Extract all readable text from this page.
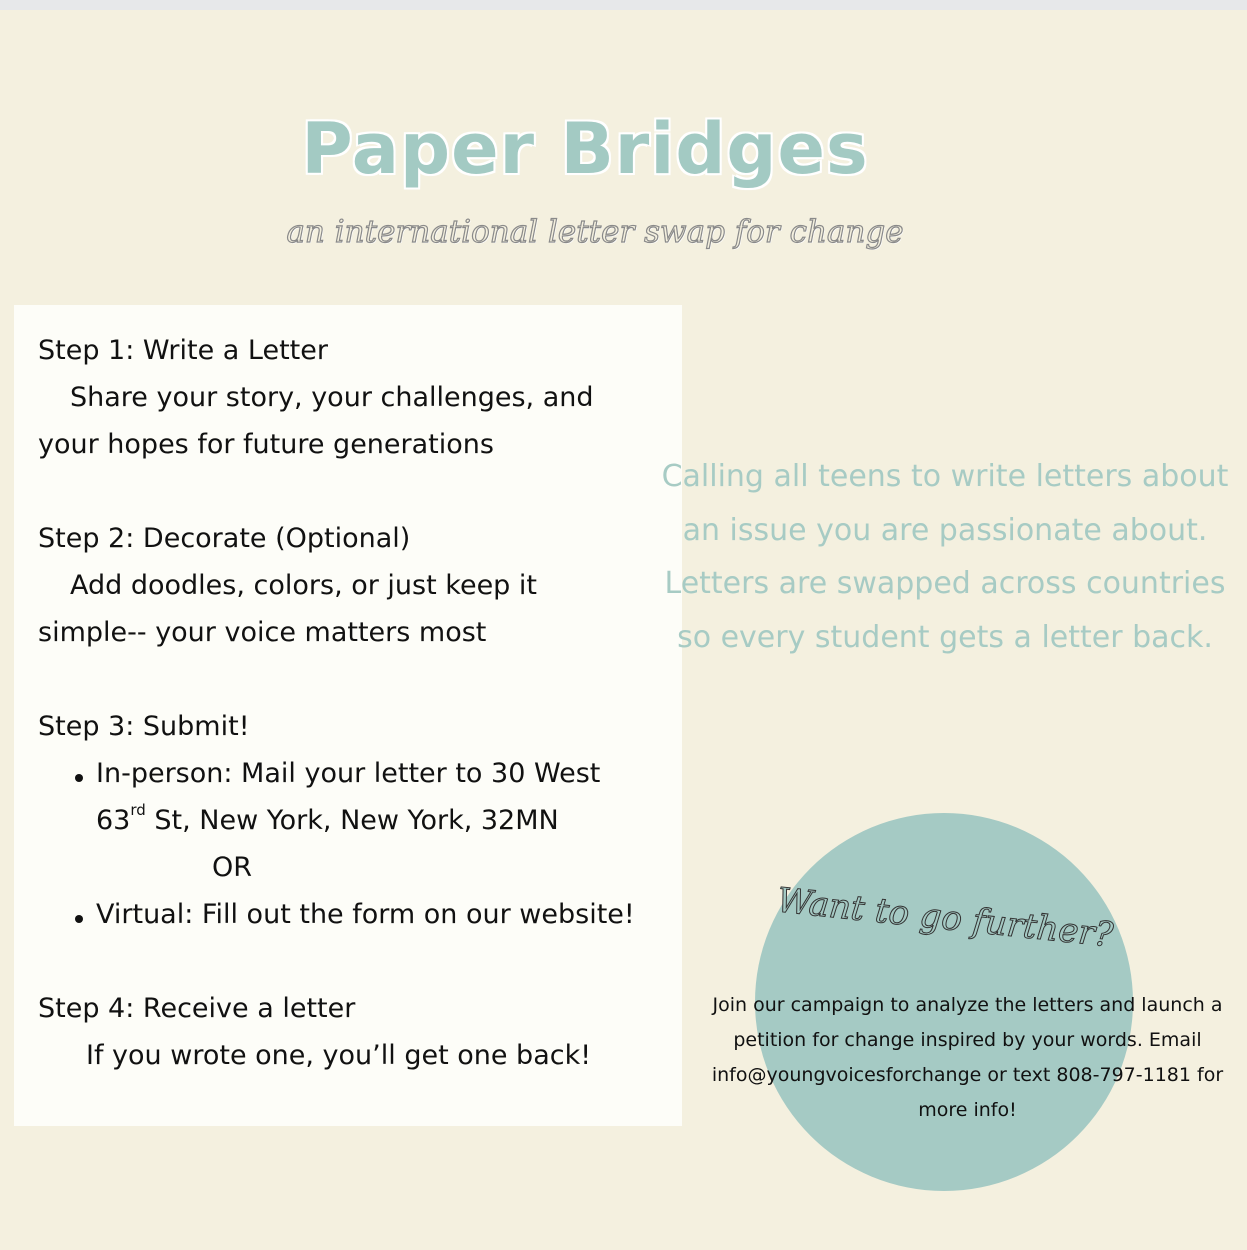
Paper Bridges
an international letter swap for change
Step 1: Write a Letter
Share your story, your challenges, and
your hopes for future generations
Step 2: Decorate (Optional)
Add doodles, colors, or just keep it
simple-- your voice matters most
Step 3: Submit!
In-person: Mail your letter to 30 West
63rd St, New York, New York, 32MN
OR
Virtual: Fill out the form on our website!
Step 4: Receive a letter
If you wrote one, you’ll get one back!
Calling all teens to write letters about an issue you are passionate about. Letters are swapped across countries so every student gets a letter back.
Want to go further?
Join our campaign to analyze the letters and launch a petition for change inspired by your words. Email info@youngvoicesforchange or text 808-797-1181 for more info!
